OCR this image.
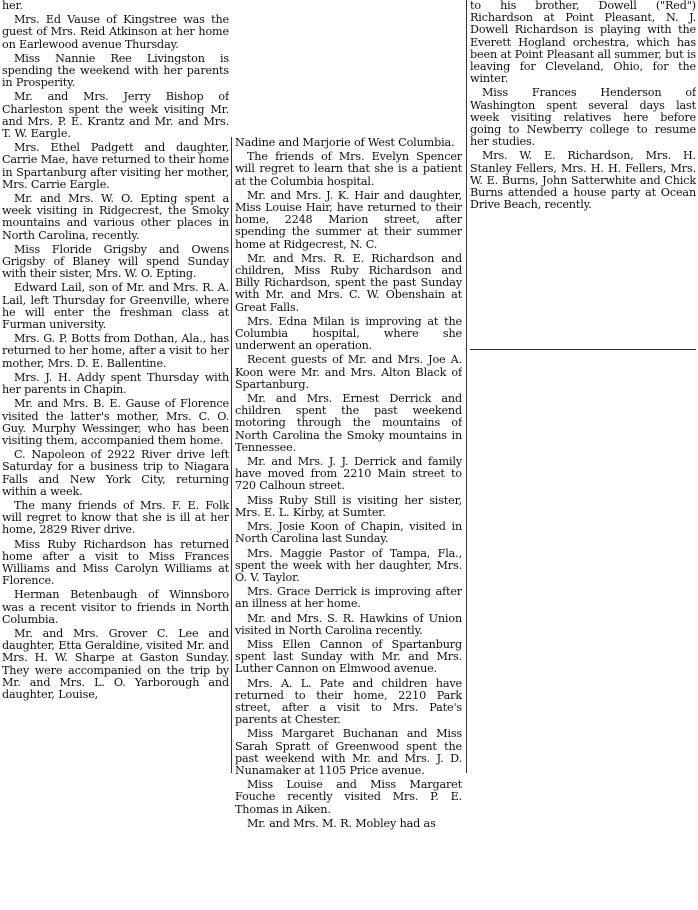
her.

Mrs. Ed Vause of Kingstree was the guest of Mrs. Reid Atkinson at her home on Earlewood avenue Thursday.

Miss Nannie Ree Livingston is spending the weekend with her parents in Prosperity.

Mr. and Mrs. Jerry Bishop of Charleston spent the week visiting Mr. and Mrs. P. E. Krantz and Mr. and Mrs. T. W. Eargle.

Mrs. Ethel Padgett and daughter, Carrie Mae, have returned to their home in Spartanburg after visiting her mother, Mrs. Carrie Eargle.

Mr. and Mrs. W. O. Epting spent a week visiting in Ridgecrest, the Smoky mountains and various other places in North Carolina, recently.

Miss Floride Grigsby and Owens Grigsby of Blaney will spend Sunday with their sister, Mrs. W. O. Epting.

Edward Lail, son of Mr. and Mrs. R. A. Lail, left Thursday for Greenville, where he will enter the freshman class at Furman university.

Mrs. G. P. Botts from Dothan, Ala., has returned to her home, after a visit to her mother, Mrs. D. E. Ballentine.

Mrs. J. H. Addy spent Thursday with her parents in Chapin.

Mr. and Mrs. B. E. Gause of Florence visited the latter's mother, Mrs. C. O. Guy. Murphy Wessinger, who has been visiting them, accompanied them home.

C. Napoleon of 2922 River drive left Saturday for a business trip to Niagara Falls and New York City, returning within a week.

The many friends of Mrs. F. E. Folk will regret to know that she is ill at her home, 2829 River drive.

Miss Ruby Richardson has returned home after a visit to Miss Frances Williams and Miss Carolyn Williams at Florence.

Herman Betenbaugh of Winnsboro was a recent visitor to friends in North Columbia.

Mr. and Mrs. Grover C. Lee and daughter, Etta Geraldine, visited Mr. and Mrs. H. W. Sharpe at Gaston Sunday. They were accompanied on the trip by Mr. and Mrs. L. O. Yarborough and daughter, Louise,

Nadine and Marjorie of West Columbia.

The friends of Mrs. Evelyn Spencer will regret to learn that she is a patient at the Columbia hospital.

Mr. and Mrs. J. K. Hair and daughter, Miss Louise Hair, have returned to their home, 2248 Marion street, after spending the summer at their summer home at Ridgecrest, N. C.

Mr. and Mrs. R. E. Richardson and children, Miss Ruby Richardson and Billy Richardson, spent the past Sunday with Mr. and Mrs. C. W. Obenshain at Great Falls.

Mrs. Edna Milan is improving at the Columbia hospital, where she underwent an operation.

Recent guests of Mr. and Mrs. Joe A. Koon were Mr. and Mrs. Alton Black of Spartanburg.

Mr. and Mrs. Ernest Derrick and children spent the past weekend motoring through the mountains of North Carolina the Smoky mountains in Tennessee.

Mr. and Mrs. J. J. Derrick and family have moved from 2210 Main street to 720 Calhoun street.

Miss Ruby Still is visiting her sister, Mrs. E. L. Kirby, at Sumter.

Mrs. Josie Koon of Chapin, visited in North Carolina last Sunday.

Mrs. Maggie Pastor of Tampa, Fla., spent the week with her daughter, Mrs. O. V. Taylor.

Mrs. Grace Derrick is improving after an illness at her home.

Mr. and Mrs. S. R. Hawkins of Union visited in North Carolina recently.

Miss Ellen Cannon of Spartanburg spent last Sunday with Mr. and Mrs. Luther Cannon on Elmwood avenue.

Mrs. A. L. Pate and children have returned to their home, 2210 Park street, after a visit to Mrs. Pate's parents at Chester.

Miss Margaret Buchanan and Miss Sarah Spratt of Greenwood spent the past weekend with Mr. and Mrs. J. D. Nunamaker at 1105 Price avenue.

Miss Louise and Miss Margaret Fouche recently visited Mrs. P. E. Thomas in Aiken.

Mr. and Mrs. M. R. Mobley had as

to his brother, Dowell ("Red") Richardson at Point Pleasant, N. J. Dowell Richardson is playing with the Everett Hogland orchestra, which has been at Point Pleasant all summer, but is leaving for Cleveland, Ohio, for the winter.

Miss Frances Henderson of Washington spent several days last week visiting relatives here before going to Newberry college to resume her studies.

Mrs. W. E. Richardson, Mrs. H. Stanley Fellers, Mrs. H. H. Fellers, Mrs. W. E. Burns, John Satterwhite and Chick Burns attended a house party at Ocean Drive Beach, recently.
